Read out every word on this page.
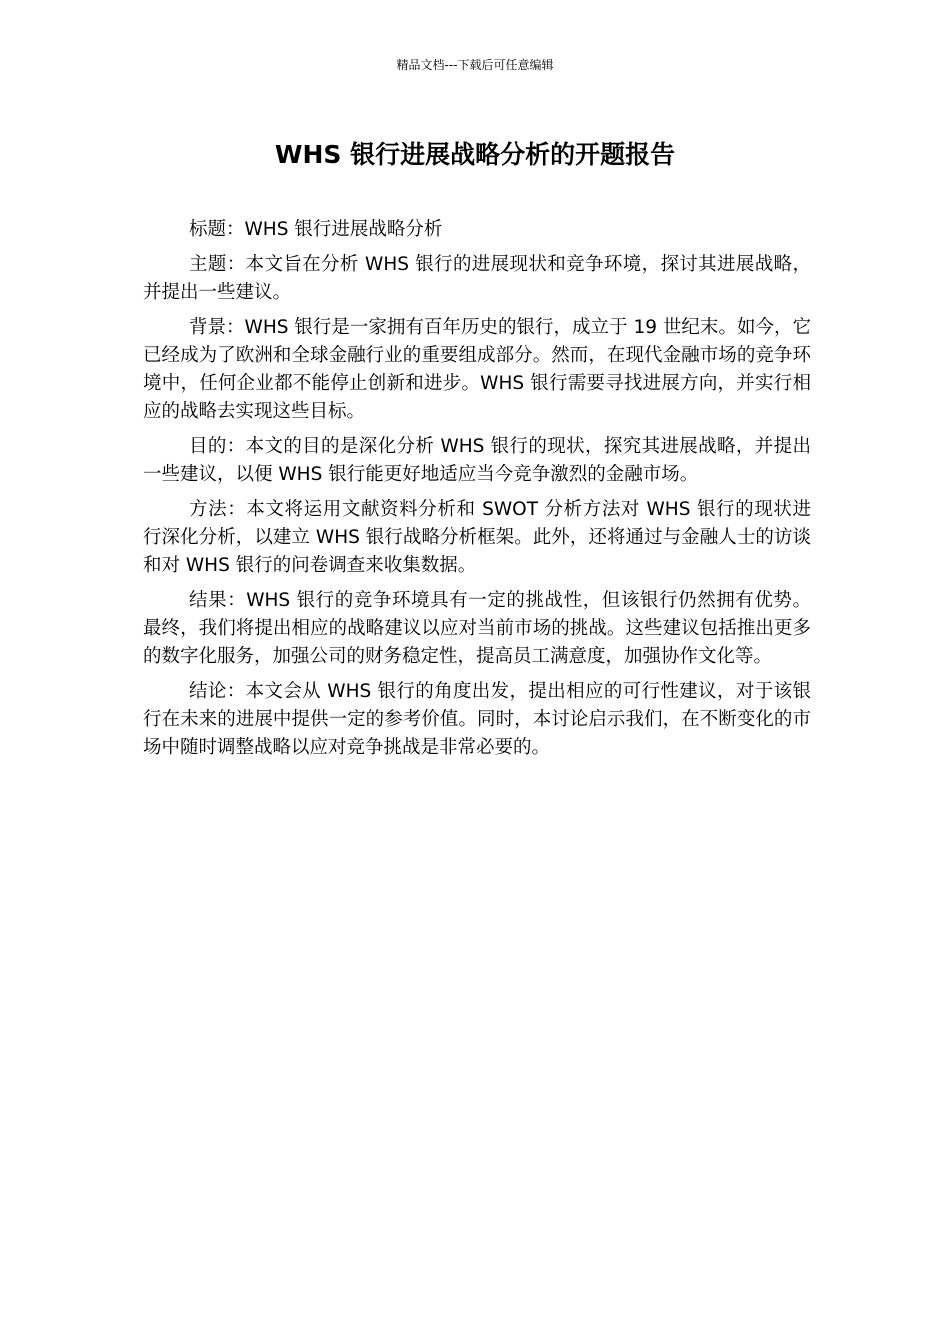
精品文档---下载后可任意编辑
WHS 银行进展战略分析的开题报告

标题：WHS 银行进展战略分析

主题：本文旨在分析 WHS 银行的进展现状和竞争环境，探讨其进展战略，并提出一些建议。

背景：WHS 银行是一家拥有百年历史的银行，成立于 19 世纪末。如今，它已经成为了欧洲和全球金融行业的重要组成部分。然而，在现代金融市场的竞争环境中，任何企业都不能停止创新和进步。WHS 银行需要寻找进展方向，并实行相应的战略去实现这些目标。

目的：本文的目的是深化分析 WHS 银行的现状，探究其进展战略，并提出一些建议，以便 WHS 银行能更好地适应当今竞争激烈的金融市场。

方法：本文将运用文献资料分析和 SWOT 分析方法对 WHS 银行的现状进行深化分析，以建立 WHS 银行战略分析框架。此外，还将通过与金融人士的访谈和对 WHS 银行的问卷调查来收集数据。

结果：WHS 银行的竞争环境具有一定的挑战性，但该银行仍然拥有优势。最终，我们将提出相应的战略建议以应对当前市场的挑战。这些建议包括推出更多的数字化服务，加强公司的财务稳定性，提高员工满意度，加强协作文化等。

结论：本文会从 WHS 银行的角度出发，提出相应的可行性建议，对于该银行在未来的进展中提供一定的参考价值。同时，本讨论启示我们，在不断变化的市场中随时调整战略以应对竞争挑战是非常必要的。
